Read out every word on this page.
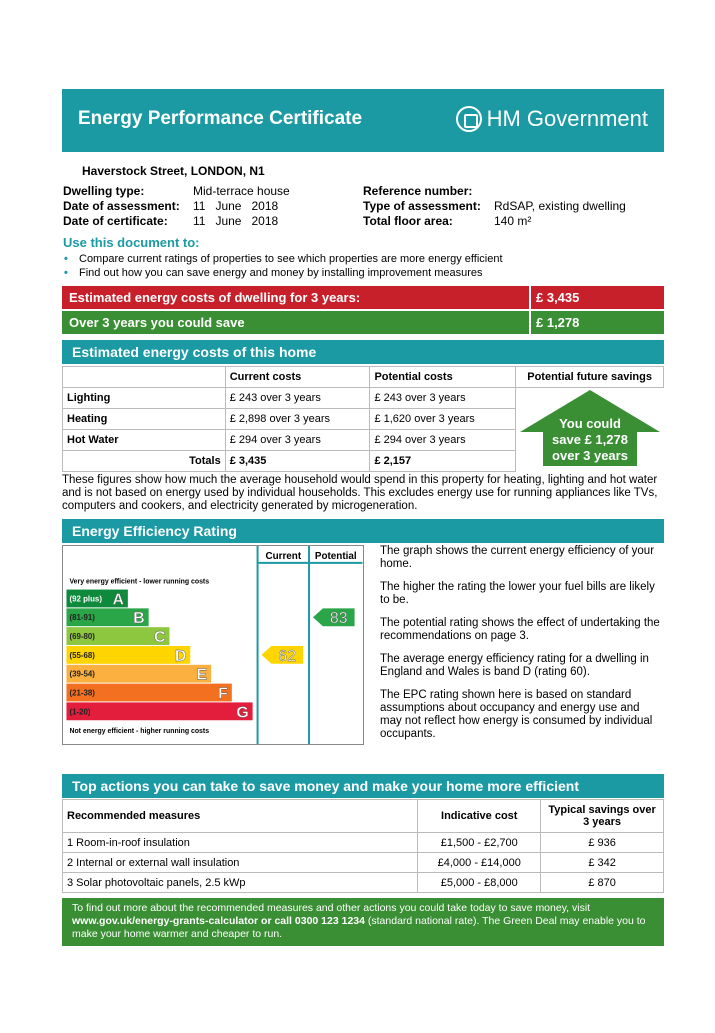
Energy Performance Certificate	HM Government
Haverstock Street, LONDON, N1
Dwelling type:	Mid-terrace house
Date of assessment: 11   June   2018
Date of certificate: 11   June   2018
Reference number:
Type of assessment: RdSAP, existing dwelling
Total floor area:	140 m²
Use this document to:
• Compare current ratings of properties to see which properties are more energy efficient
• Find out how you can save energy and money by installing improvement measures
Estimated energy costs of dwelling for 3 years:	£ 3,435
Over 3 years you could save	£ 1,278
Estimated energy costs of this home
	Current costs	Potential costs	Potential future savings
Lighting	£ 243 over 3 years	£ 243 over 3 years	
Heating	£ 2,898 over 3 years	£ 1,620 over 3 years	
Hot Water	£ 294 over 3 years	£ 294 over 3 years	
Totals	£ 3,435	£ 2,157	
You could
save £ 1,278
over 3 years
These figures show how much the average household would spend in this property for heating, lighting and hot water and is not based on energy used by individual households. This excludes energy use for running appliances like TVs, computers and cookers, and electricity generated by microgeneration.
Energy Efficiency Rating
Current Potential
Very energy efficient - lower running costs
Not energy efficient - higher running costs
(92 plus) A
(81-91) B
(69-80)	C
(55-68)	D
(39-54)	E
(21-38)	F
(1-20)	G
62
83

The graph shows the current energy efficiency of your home.

The higher the rating the lower your fuel bills are likely to be.

The potential rating shows the effect of undertaking the recommendations on page 3.

The average energy efficiency rating for a dwelling in England and Wales is band D (rating 60).

The EPC rating shown here is based on standard assumptions about occupancy and energy use and may not reflect how energy is consumed by individual occupants.

Top actions you can take to save money and make your home more efficient
Recommended measures	Indicative cost	Typical savings over 3 years
1 Room-in-roof insulation	£1,500 - £2,700	£ 936
2 Internal or external wall insulation	£4,000 - £14,000	£ 342
3 Solar photovoltaic panels, 2.5 kWp	£5,000 - £8,000	£ 870
To find out more about the recommended measures and other actions you could take today to save money, visit
www.gov.uk/energy-grants-calculator or call 0300 123 1234 (standard national rate). The Green Deal may enable you to
make your home warmer and cheaper to run.
